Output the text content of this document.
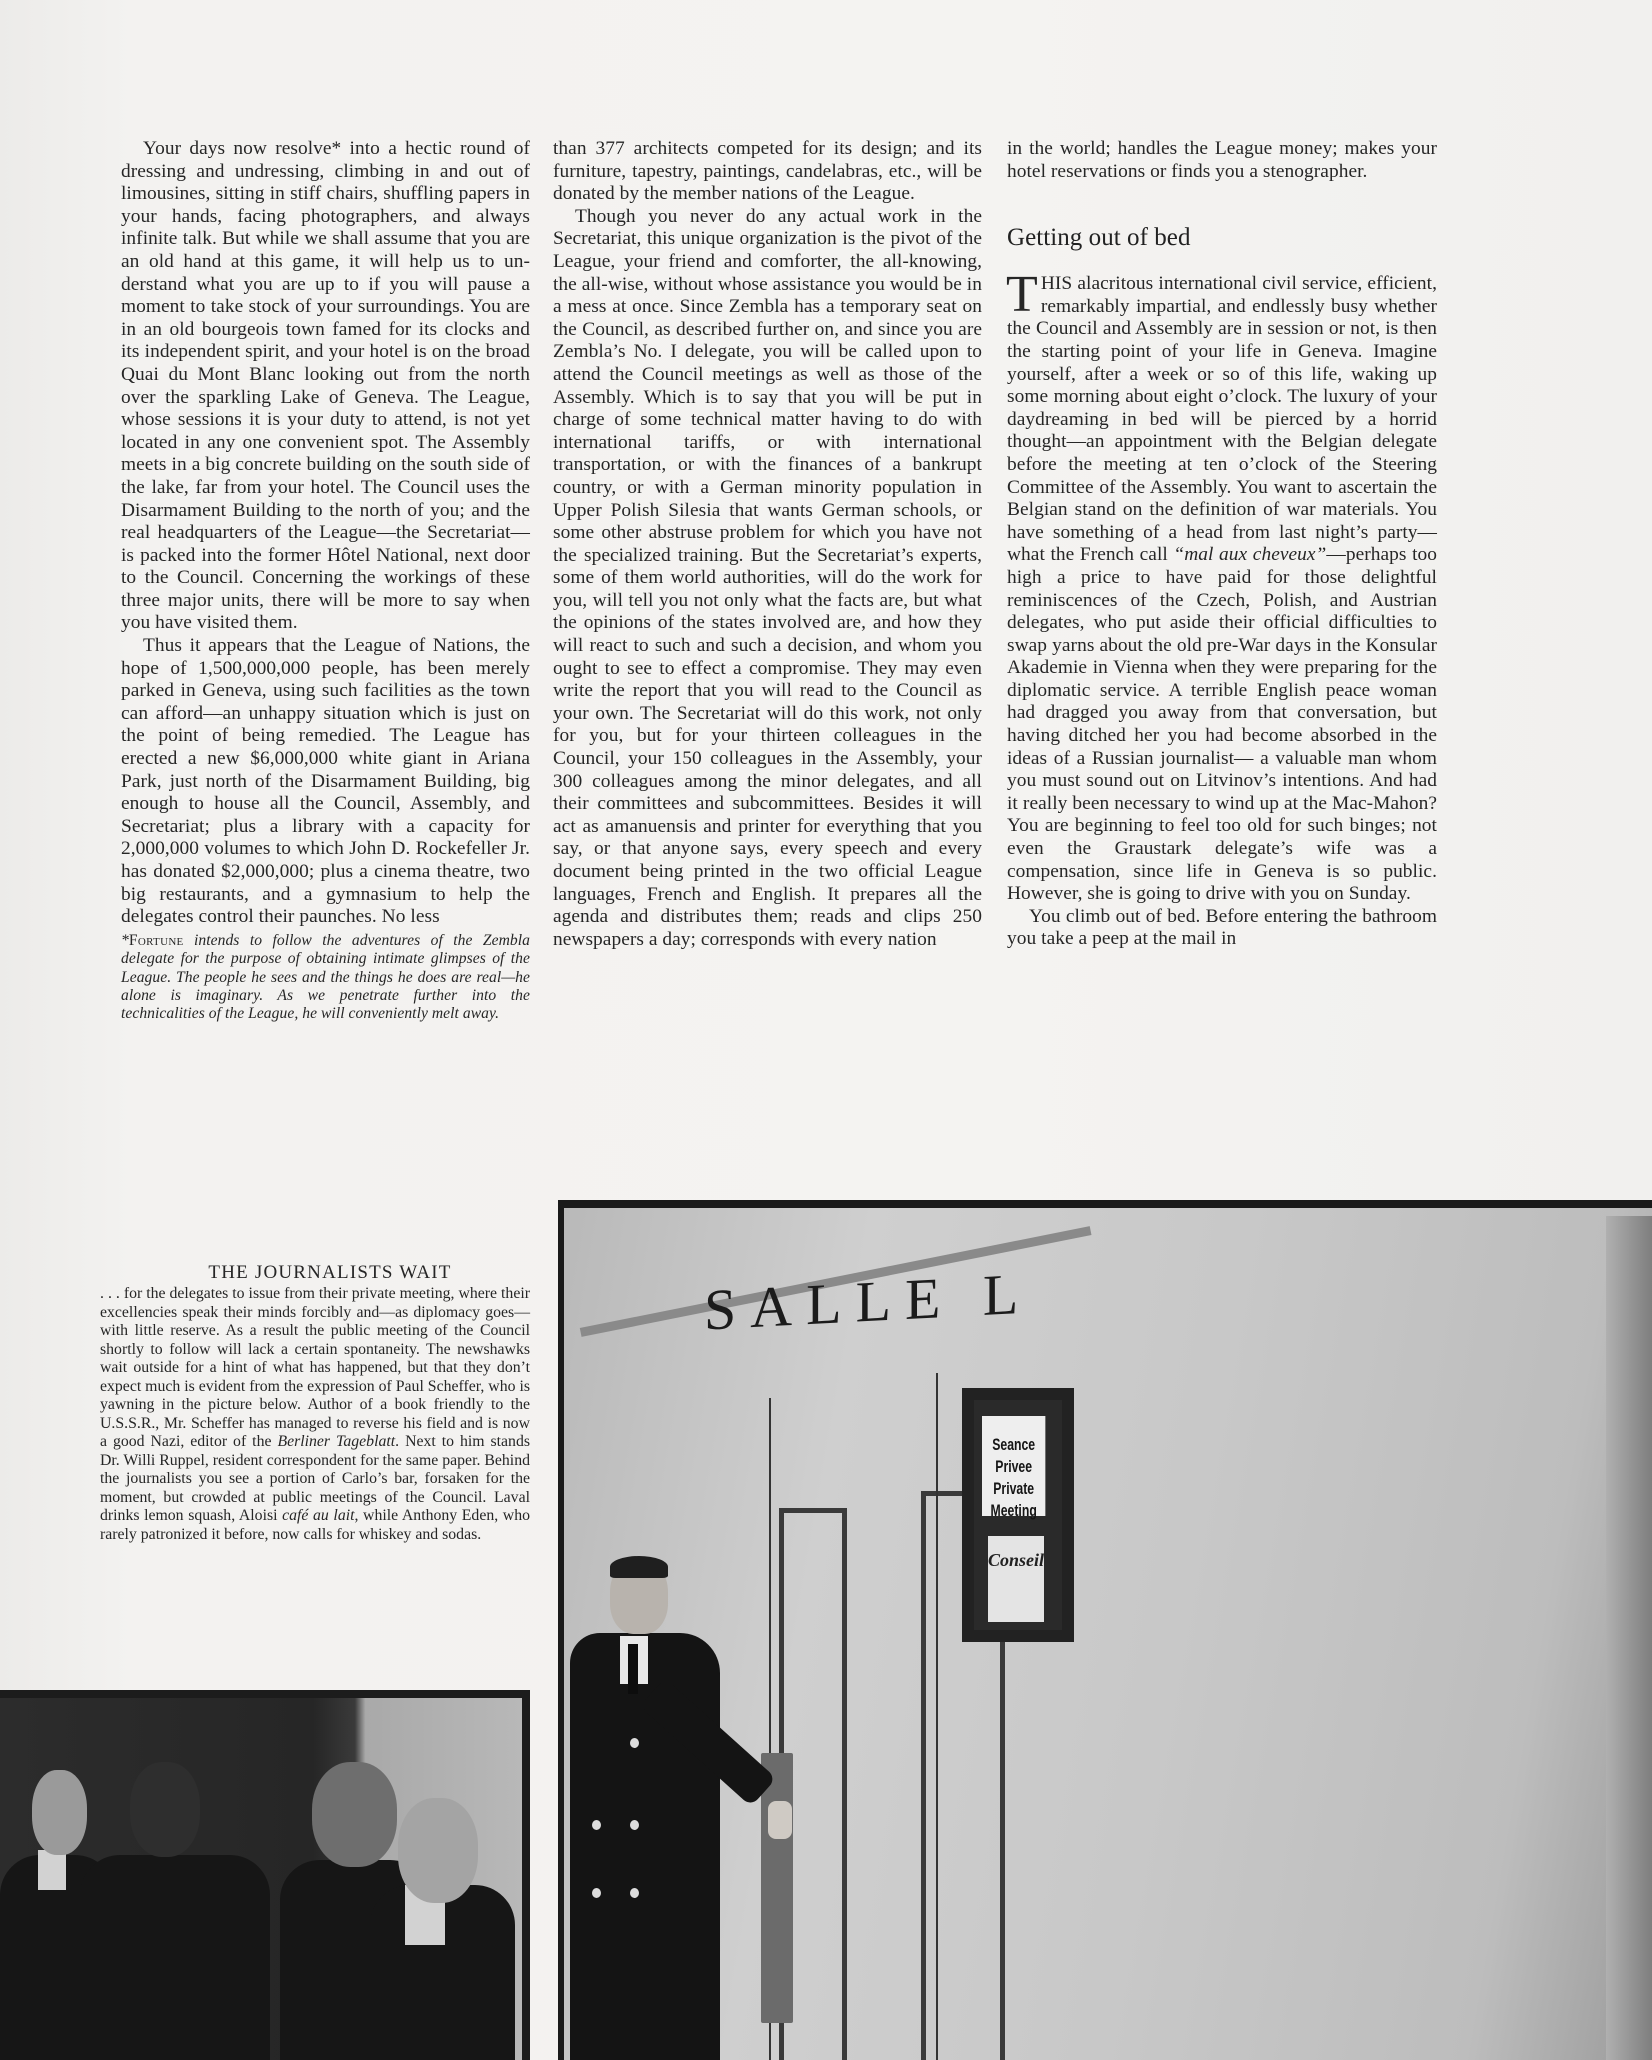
Your days now resolve* into a hectic round of dressing and undressing, climbing in and out of limousines, sitting in stiff chairs, shuffling papers in your hands, facing photographers, and always infinite talk. But while we shall assume that you are an old hand at this game, it will help us to understand what you are up to if you will pause a moment to take stock of your surroundings. You are in an old bourgeois town famed for its clocks and its independent spirit, and your hotel is on the broad Quai du Mont Blanc looking out from the north over the sparkling Lake of Geneva. The League, whose sessions it is your duty to attend, is not yet located in any one convenient spot. The Assembly meets in a big concrete building on the south side of the lake, far from your hotel. The Council uses the Disarmament Building to the north of you; and the real headquarters of the League—the Secretariat—is packed into the former Hôtel National, next door to the Council. Concerning the workings of these three major units, there will be more to say when you have visited them.

Thus it appears that the League of Nations, the hope of 1,500,000,000 people, has been merely parked in Geneva, using such facilities as the town can afford—an unhappy situation which is just on the point of being remedied. The League has erected a new $6,000,000 white giant in Ariana Park, just north of the Disarmament Building, big enough to house all the Council, Assembly, and Secretariat; plus a library with a capacity for 2,000,000 volumes to which John D. Rockefeller Jr. has donated $2,000,000; plus a cinema theatre, two big restaurants, and a gymnasium to help the delegates control their paunches. No less

*Fortune intends to follow the adventures of the Zembla delegate for the purpose of obtaining intimate glimpses of the League. The people he sees and the things he does are real—he alone is imaginary. As we penetrate further into the technicalities of the League, he will conveniently melt away.

than 377 architects competed for its design; and its furniture, tapestry, paintings, candelabras, etc., will be donated by the member nations of the League.

Though you never do any actual work in the Secretariat, this unique organization is the pivot of the League, your friend and comforter, the all-knowing, the all-wise, without whose assistance you would be in a mess at once. Since Zembla has a temporary seat on the Council, as described further on, and since you are Zembla’s No. I delegate, you will be called upon to attend the Council meetings as well as those of the Assembly. Which is to say that you will be put in charge of some technical matter having to do with international tariffs, or with international transportation, or with the finances of a bankrupt country, or with a German minority population in Upper Polish Silesia that wants German schools, or some other abstruse problem for which you have not the specialized training. But the Secretariat’s experts, some of them world authorities, will do the work for you, will tell you not only what the facts are, but what the opinions of the states involved are, and how they will react to such and such a decision, and whom you ought to see to effect a compromise. They may even write the report that you will read to the Council as your own. The Secretariat will do this work, not only for you, but for your thirteen colleagues in the Council, your 150 colleagues in the Assembly, your 300 colleagues among the minor delegates, and all their committees and subcommittees. Besides it will act as amanuensis and printer for everything that you say, or that anyone says, every speech and every document being printed in the two official League languages, French and English. It prepares all the agenda and distributes them; reads and clips 250 newspapers a day; corresponds with every nation

in the world; handles the League money; makes your hotel reservations or finds you a stenographer.

Getting out of bed

THIS alacritous international civil service, efficient, remarkably impartial, and endlessly busy whether the Council and Assembly are in session or not, is then the starting point of your life in Geneva. Imagine yourself, after a week or so of this life, waking up some morning about eight o’clock. The luxury of your daydreaming in bed will be pierced by a horrid thought—an appointment with the Belgian delegate before the meeting at ten o’clock of the Steering Committee of the Assembly. You want to ascertain the Belgian stand on the definition of war materials. You have something of a head from last night’s party—what the French call “mal aux cheveux”—perhaps too high a price to have paid for those delightful reminiscences of the Czech, Polish, and Austrian delegates, who put aside their official difficulties to swap yarns about the old pre-War days in the Konsular Akademie in Vienna when they were preparing for the diplomatic service. A terrible English peace woman had dragged you away from that conversation, but having ditched her you had become absorbed in the ideas of a Russian journalist— a valuable man whom you must sound out on Litvinov’s intentions. And had it really been necessary to wind up at the Mac-Mahon? You are beginning to feel too old for such binges; not even the Graustark delegate’s wife was a compensation, since life in Geneva is so public. However, she is going to drive with you on Sunday.

You climb out of bed. Before entering the bathroom you take a peep at the mail in

THE JOURNALISTS WAIT
. . . for the delegates to issue from their private meeting, where their excellencies speak their minds forcibly and—as diplomacy goes—with little reserve. As a result the public meeting of the Council shortly to follow will lack a certain spontaneity. The newshawks wait outside for a hint of what has happened, but that they don’t expect much is evident from the expression of Paul Scheffer, who is yawning in the picture below. Author of a book friendly to the U.S.S.R., Mr. Scheffer has managed to reverse his field and is now a good Nazi, editor of the Berliner Tageblatt. Next to him stands Dr. Willi Ruppel, resident correspondent for the same paper. Behind the journalists you see a portion of Carlo’s bar, forsaken for the moment, but crowded at public meetings of the Council. Laval drinks lemon squash, Aloisi café au lait, while Anthony Eden, who rarely patronized it before, now calls for whiskey and sodas.
SALLE L
Seance Privee
Private Meeting
Conseil
